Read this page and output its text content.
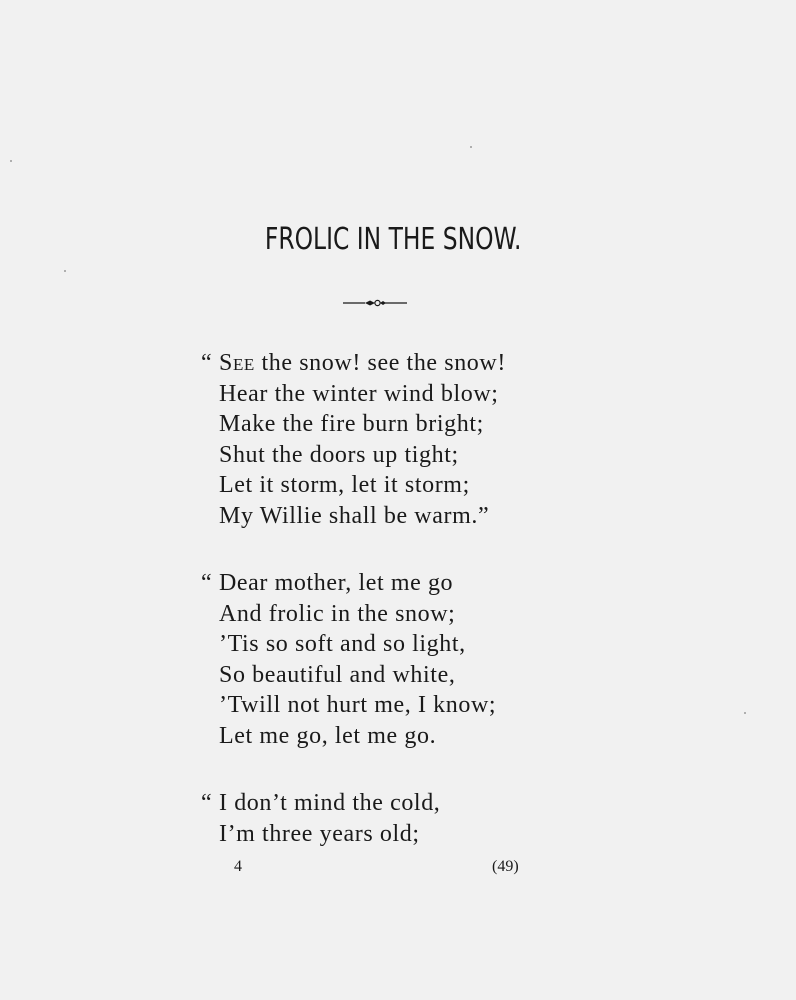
FROLIC IN THE SNOW.
“ See the snow! see the snow!
Hear the winter wind blow;
Make the fire burn bright;
Shut the doors up tight;
Let it storm, let it storm;
My Willie shall be warm.”
“ Dear mother, let me go
And frolic in the snow;
’Tis so soft and so light,
So beautiful and white,
’Twill not hurt me, I know;
Let me go, let me go.
“ I don’t mind the cold,
I’m three years old;
4	(49)
